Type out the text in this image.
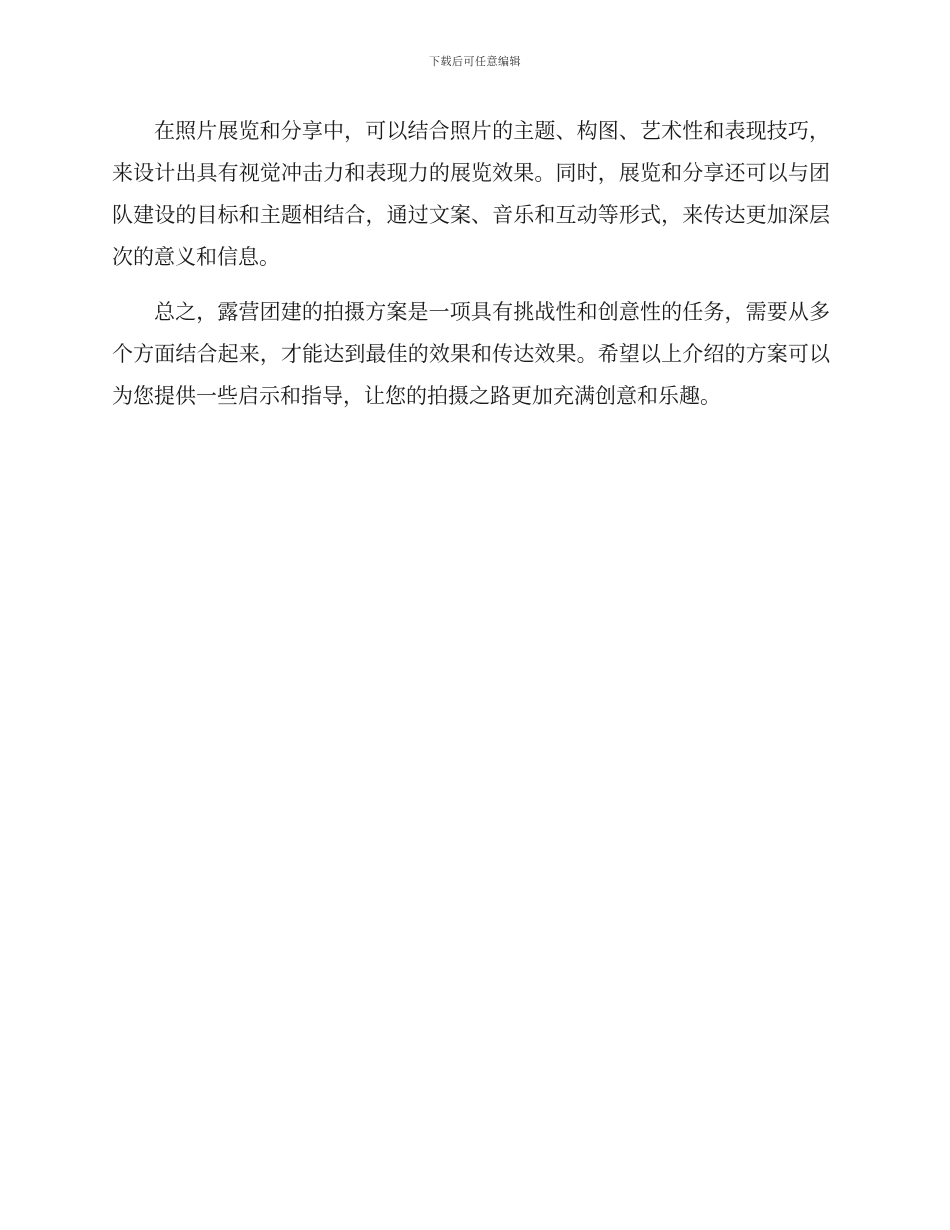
下载后可任意编辑

在照片展览和分享中，可以结合照片的主题、构图、艺术性和表现技巧，来设计出具有视觉冲击力和表现力的展览效果。同时，展览和分享还可以与团队建设的目标和主题相结合，通过文案、音乐和互动等形式，来传达更加深层次的意义和信息。

总之，露营团建的拍摄方案是一项具有挑战性和创意性的任务，需要从多个方面结合起来，才能达到最佳的效果和传达效果。希望以上介绍的方案可以为您提供一些启示和指导，让您的拍摄之路更加充满创意和乐趣。
